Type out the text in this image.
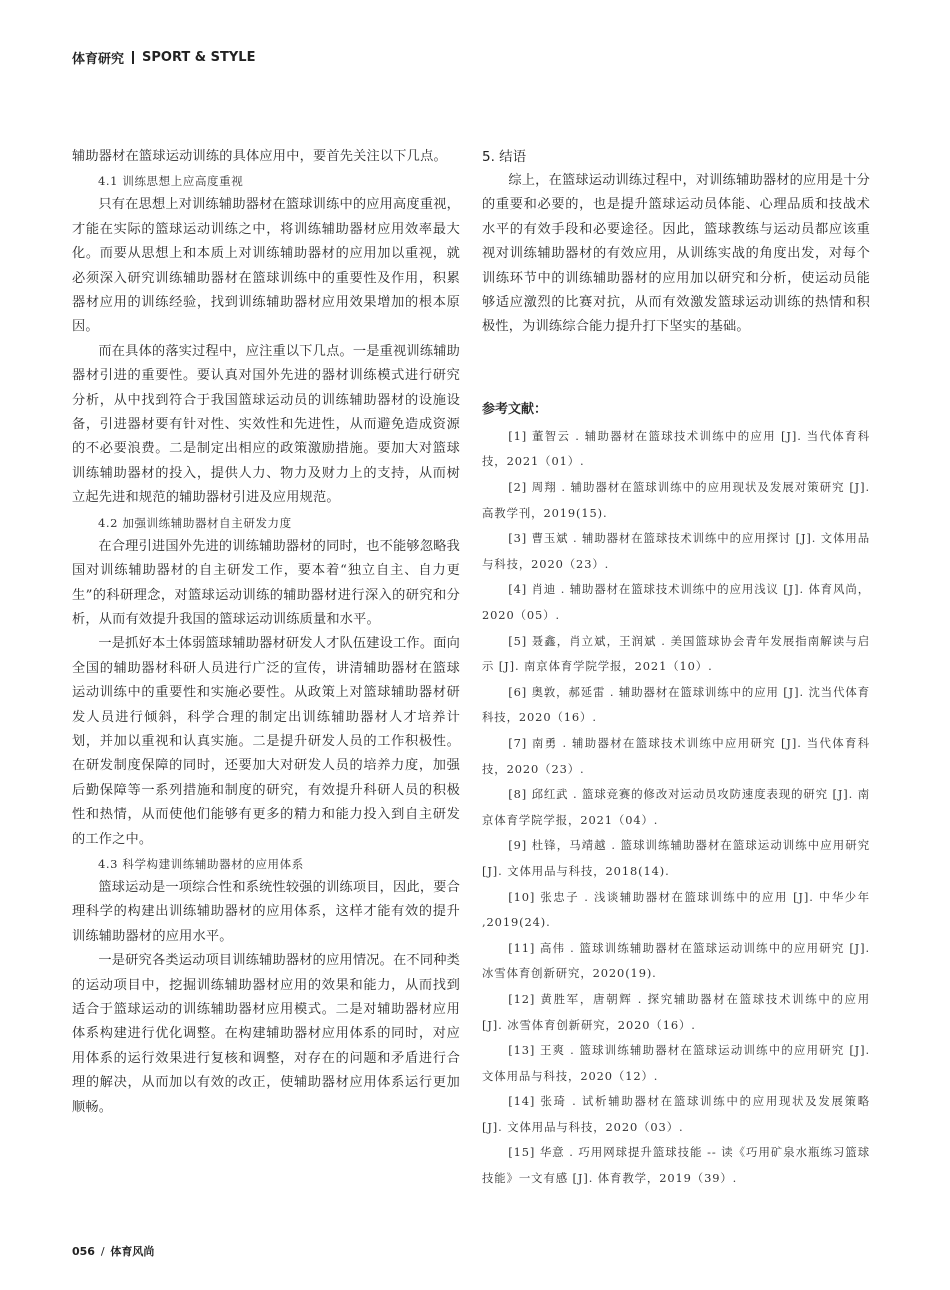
体育研究 SPORT & STYLE

辅助器材在篮球运动训练的具体应用中，要首先关注以下几点。

4.1 训练思想上应高度重视

只有在思想上对训练辅助器材在篮球训练中的应用高度重视，才能在实际的篮球运动训练之中，将训练辅助器材应用效率最大化。而要从思想上和本质上对训练辅助器材的应用加以重视，就必须深入研究训练辅助器材在篮球训练中的重要性及作用，积累器材应用的训练经验，找到训练辅助器材应用效果增加的根本原因。

而在具体的落实过程中，应注重以下几点。一是重视训练辅助器材引进的重要性。要认真对国外先进的器材训练模式进行研究分析，从中找到符合于我国篮球运动员的训练辅助器材的设施设备，引进器材要有针对性、实效性和先进性，从而避免造成资源的不必要浪费。二是制定出相应的政策激励措施。要加大对篮球训练辅助器材的投入，提供人力、物力及财力上的支持，从而树立起先进和规范的辅助器材引进及应用规范。

4.2 加强训练辅助器材自主研发力度

在合理引进国外先进的训练辅助器材的同时，也不能够忽略我国对训练辅助器材的自主研发工作，要本着“独立自主、自力更生”的科研理念，对篮球运动训练的辅助器材进行深入的研究和分析，从而有效提升我国的篮球运动训练质量和水平。

一是抓好本土体弱篮球辅助器材研发人才队伍建设工作。面向全国的辅助器材科研人员进行广泛的宣传，讲清辅助器材在篮球运动训练中的重要性和实施必要性。从政策上对篮球辅助器材研发人员进行倾斜，科学合理的制定出训练辅助器材人才培养计划，并加以重视和认真实施。二是提升研发人员的工作积极性。在研发制度保障的同时，还要加大对研发人员的培养力度，加强后勤保障等一系列措施和制度的研究，有效提升科研人员的积极性和热情，从而使他们能够有更多的精力和能力投入到自主研发的工作之中。

4.3 科学构建训练辅助器材的应用体系

篮球运动是一项综合性和系统性较强的训练项目，因此，要合理科学的构建出训练辅助器材的应用体系，这样才能有效的提升训练辅助器材的应用水平。

一是研究各类运动项目训练辅助器材的应用情况。在不同种类的运动项目中，挖掘训练辅助器材应用的效果和能力，从而找到适合于篮球运动的训练辅助器材应用模式。二是对辅助器材应用体系构建进行优化调整。在构建辅助器材应用体系的同时，对应用体系的运行效果进行复核和调整，对存在的问题和矛盾进行合理的解决，从而加以有效的改正，使辅助器材应用体系运行更加顺畅。

5. 结语

综上，在篮球运动训练过程中，对训练辅助器材的应用是十分的重要和必要的，也是提升篮球运动员体能、心理品质和技战术水平的有效手段和必要途径。因此，篮球教练与运动员都应该重视对训练辅助器材的有效应用，从训练实战的角度出发，对每个训练环节中的训练辅助器材的应用加以研究和分析，使运动员能够适应激烈的比赛对抗，从而有效激发篮球运动训练的热情和积极性，为训练综合能力提升打下坚实的基础。

参考文献：

[1] 董智云 . 辅助器材在篮球技术训练中的应用 [J]. 当代体育科技，2021（01）.

[2] 周翔 . 辅助器材在篮球训练中的应用现状及发展对策研究 [J]. 高教学刊，2019(15).

[3] 曹玉斌 . 辅助器材在篮球技术训练中的应用探讨 [J]. 文体用品与科技，2020（23）.

[4] 肖迪 . 辅助器材在篮球技术训练中的应用浅议 [J]. 体育风尚，2020（05）.

[5] 聂鑫，肖立斌，王润斌 . 美国篮球协会青年发展指南解读与启示 [J]. 南京体育学院学报，2021（10）.

[6] 奥敦，郝延雷 . 辅助器材在篮球训练中的应用 [J]. 沈当代体育科技，2020（16）.

[7] 南勇 . 辅助器材在篮球技术训练中应用研究 [J]. 当代体育科技，2020（23）.

[8] 邱红武 . 篮球竞赛的修改对运动员攻防速度表现的研究 [J]. 南京体育学院学报，2021（04）.

[9] 杜锋，马靖越 . 篮球训练辅助器材在篮球运动训练中应用研究 [J]. 文体用品与科技，2018(14).

[10] 张忠子 . 浅谈辅助器材在篮球训练中的应用 [J]. 中华少年 ,2019(24).

[11] 高伟 . 篮球训练辅助器材在篮球运动训练中的应用研究 [J]. 冰雪体育创新研究，2020(19).

[12] 黄胜军，唐朝辉 . 探究辅助器材在篮球技术训练中的应用 [J]. 冰雪体育创新研究，2020（16）.

[13] 王爽 . 篮球训练辅助器材在篮球运动训练中的应用研究 [J]. 文体用品与科技，2020（12）.

[14] 张琦 . 试析辅助器材在篮球训练中的应用现状及发展策略 [J]. 文体用品与科技，2020（03）.

[15] 华意 . 巧用网球提升篮球技能 -- 读《巧用矿泉水瓶练习篮球技能》一文有感 [J]. 体育教学，2019（39）.

056 / 体育风尚
